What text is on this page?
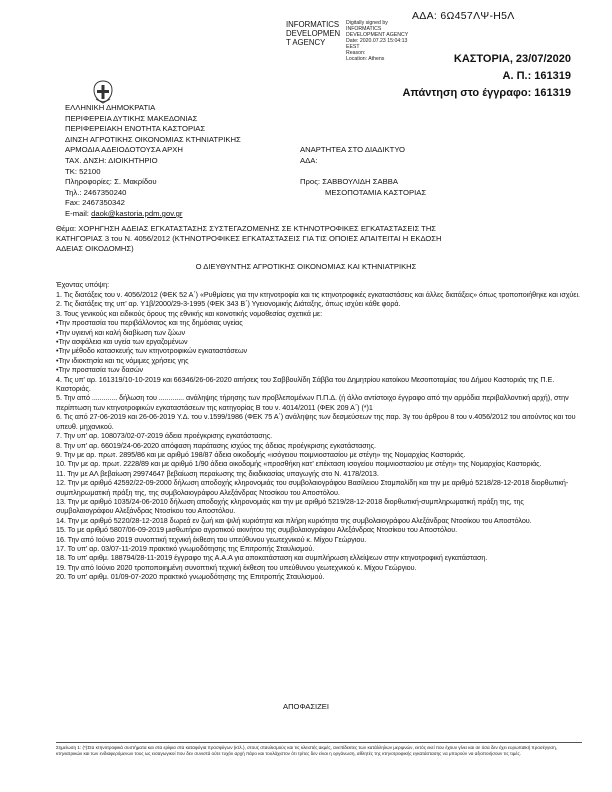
ΑΔΑ: 6Ω457ΛΨ-Η5Λ
INFORMATICS
DEVELOPMEN
T AGENCY
Digitally signed by
INFORMATICS
DEVELOPMENT AGENCY
Date: 2020.07.23 15:04:13
EEST
Reason:
Location: Athens	ΚΑΣΤΟΡΙΑ, 23/07/2020
Α. Π.: 161319
Απάντηση στο έγγραφο: 161319
ΕΛΛΗΝΙΚΗ ΔΗΜΟΚΡΑΤΙΑ
ΠΕΡΙΦΕΡΕΙΑ ΔΥΤΙΚΗΣ ΜΑΚΕΔΟΝΙΑΣ
ΠΕΡΙΦΕΡΕΙΑΚΗ ΕΝΟΤΗΤΑ ΚΑΣΤΟΡΙΑΣ
ΔΙΝΣΗ ΑΓΡΟΤΙΚΗΣ ΟΙΚΟΝΟΜΙΑΣ ΚΤΗΝΙΑΤΡΙΚΗΣ
ΑΡΜΟΔΙΑ ΑΔΕΙΟΔΟΤΟΥΣΑ ΑΡΧΗ
ΤΑΧ. ΔΝΣΗ: ΔΙΟΙΚΗΤΗΡΙΟ
ΤΚ: 52100
Πληροφορίες: Σ. Μακρίδου
Τηλ.: 2467350240
Fax: 2467350342
E-mail: daok@kastoria.pdm.gov.gr
ΑΝΑΡΤΗΤΕΑ ΣΤΟ ΔΙΑΔΙΚΤΥΟ
ΑΔΑ:
Προς: ΣΑΒΒΟΥΛΙΔΗ ΣΑΒΒΑ
ΜΕΣΟΠΟΤΑΜΙΑ ΚΑΣΤΟΡΙΑΣ
Θέμα: ΧΟΡΗΓΗΣΗ ΑΔΕΙΑΣ ΕΓΚΑΤΑΣΤΑΣΗΣ ΣΥΣΤΕΓΑΖΟΜΕΝΗΣ ΣΕ ΚΤΗΝΟΤΡΟΦΙΚΕΣ ΕΓΚΑΤΑΣΤΑΣΕΙΣ ΤΗΣ
ΚΑΤΗΓΟΡΙΑΣ 3 του Ν. 4056/2012 (ΚΤΗΝΟΤΡΟΦΙΚΕΣ ΕΓΚΑΤΑΣΤΑΣΕΙΣ ΓΙΑ ΤΙΣ ΟΠΟΙΕΣ ΑΠΑΙΤΕΙΤΑΙ Η ΕΚΔΟΣΗ
ΑΔΕΙΑΣ ΟΙΚΟΔΟΜΗΣ)
Ο ΔΙΕΥΘΥΝΤΗΣ ΑΓΡΟΤΙΚΗΣ ΟΙΚΟΝΟΜΙΑΣ ΚΑΙ ΚΤΗΝΙΑΤΡΙΚΗΣ
Έχοντας υπόψη:
1. Τις διατάξεις του ν. 4056/2012 (ΦΕΚ 52 Α΄) «Ρυθμίσεις για την κτηνοτροφία και τις κτηνοτροφικές εγκαταστάσεις και άλλες διατάξεις» όπως τροποποιήθηκε και ισχύει.
2. Τις διατάξεις της υπ' αρ. Υ1β/2000/29-3-1995 (ΦΕΚ 343 Β΄) Υγειονομικής Διάταξης, όπως ισχύει κάθε φορά.
3. Τους γενικούς και ειδικούς όρους της εθνικής και κοινοτικής νομοθεσίας σχετικά με:
•Την προστασία του περιβάλλοντος και της δημόσιας υγείας
•Την υγιεινή και καλή διαβίωση των ζώων
•Την ασφάλεια και υγεία των εργαζομένων
•Την μέθοδο κατασκευής των κτηνοτροφικών εγκαταστάσεων
•Την ιδιοκτησία και τις νόμιμες χρήσεις γης
•Την προστασία των δασών
4. Τις υπ' αρ. 161319/10-10-2019 και 66346/26-06-2020 αιτήσεις του Σαββουλίδη Σάββα του Δημητρίου κατοίκου Μεσοποταμίας του Δήμου Καστοριάς της Π.Ε. Καστοριάς.
5. Την από ............. δήλωση του ............. ανάληψης τήρησης των προβλεπομένων Π.Π.Δ. (ή άλλο αντίστοιχο έγγραφο από την αρμόδια περιβαλλοντική αρχή), στην περίπτωση των κτηνοτροφικών εγκαταστάσεων της κατηγορίας Β του ν. 4014/2011 (ΦΕΚ 209 Α΄) (*)1
6. Τις από 27-06-2019 και 26-06-2019 Υ.Δ. του ν.1599/1986 (ΦΕΚ 75 Α΄) ανάληψης των δεσμεύσεων της παρ. 3γ του άρθρου 8 του ν.4056/2012 του αιτούντος και του υπευθ. μηχανικού.
7. Την υπ' αρ. 108073/02-07-2019 άδεια προέγκρισης εγκατάστασης.
8. Την υπ' αρ. 66019/24-06-2020 απόφαση παράτασης ισχύος της άδειας προέγκρισης εγκατάστασης.
9. Την με αρ. πρωτ. 2895/86 και με αριθμό 198/87 άδεια οικοδομής «ισόγειου ποιμνιοστασίου με στέγη» της Νομαρχίας Καστοριάς.
10. Την με αρ. πρωτ. 2228/89 και με αριθμό 1/90 άδεια οικοδομής «προσθήκη κατ' επέκταση ισογείου ποιμνιοστασίου με στέγη» της Νομαρχίας Καστοριάς.
11. Την με ΑΛ βεβαίωση 29974647 βεβαίωση περαίωσης της διαδικασίας υπαγωγής στο Ν. 4178/2013.
12. Την με αριθμό 42592/22-09-2000 δήλωση αποδοχής κληρονομιάς του συμβολαιογράφου Βασίλειου Σταμπολίδη και την με αριθμό 5218/28-12-2018 διορθωτική-συμπληρωματική πράξη της, της συμβολαιογράφου Αλεξάνδρας Ντοσίκου του Αποστόλου.
13. Την με αριθμό 1035/24-06-2010 δήλωση αποδοχής κληρονομιάς και την με αριθμό 5219/28-12-2018 διορθωτική-συμπληρωματική πράξη της, της συμβολαιογράφου Αλεξάνδρας Ντοσίκου του Αποστόλου.
14. Την με αριθμό 5220/28-12-2018 δωρεά εν ζωή και ψιλή κυριότητα και πλήρη κυριότητα της συμβολαιογράφου Αλεξάνδρας Ντοσίκου του Αποστόλου.
15. Το με αριθμό 5807/06-09-2019 μισθωτήριο αγροτικού ακινήτου της συμβολαιογράφου Αλεξάνδρας Ντοσίκου του Αποστόλου.
16. Την από Ιούνιο 2019 συνοπτική τεχνική έκθεση του υπεύθυνου γεωτεχνικού κ. Μίχου Γεώργιου.
17. Το υπ' αρ. 03/07-11-2019 πρακτικό γνωμοδότησης της Επιτροπής Σταυλισμού.
18. Το υπ' αριθμ. 188794/28-11-2019 έγγραφο της Α.Α.Α για αποκατάσταση και συμπλήρωση ελλείψεων στην κτηνοτροφική εγκατάσταση.
19. Την από Ιούνιο 2020 τροποποιημένη συνοπτική τεχνική έκθεση του υπεύθυνου γεωτεχνικού κ. Μίχου Γεώργιου.
20. Το υπ' αριθμ. 01/09-07-2020 πρακτικό γνωμοδότησης της Επιτροπής Σταυλισμού.
ΑΠΟΦΑΣΙΖΕΙ
Σημείωση 1: (*)Στα κτηνοτροφικά συστήματα και στα ερίφια στα καταφύγια προσφύγων (κτλ.), στους σταυλισμούς και τις κλειστές ακμές, ανεπίδεκτες των κατάλληλων μεριμνών, εκτός εκεί που έχουν γίνει και σε όσα δεν έχει ευρωπαϊκή προσέγγιση, κτηνιατρικών και των ενδιαφερόμενων τους ως εισαγωγικοί που δεν συνιστά ούτε τυχόν αρχή πάρο και τουλάχιστον ότι τρίτες δεν είναι η οργάνωση, αθλητές της κτηνοτροφικής εγκατάστασης να μπορούν να αξιοποιήσουν τις τιμές.
